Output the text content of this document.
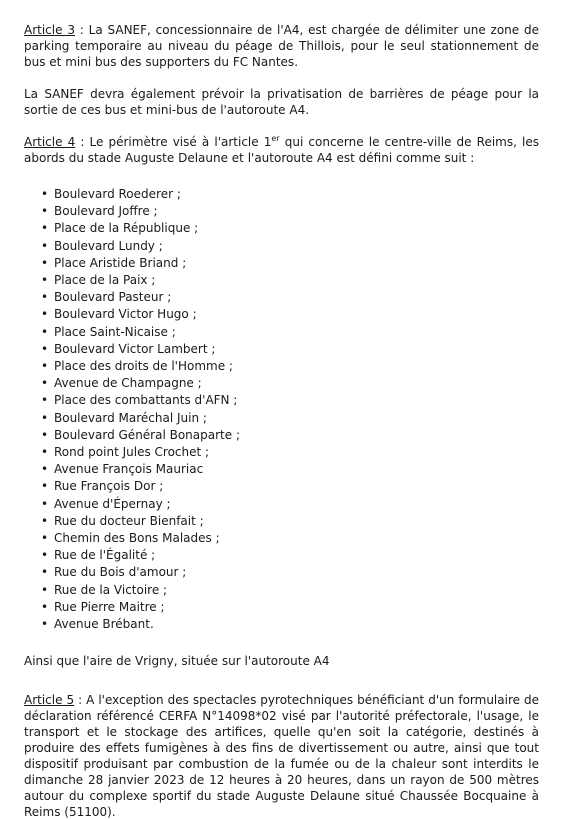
Article 3 : La SANEF, concessionnaire de l'A4, est chargée de délimiter une zone de parking temporaire au niveau du péage de Thillois, pour le seul stationnement de bus et mini bus des supporters du FC Nantes.

La SANEF devra également prévoir la privatisation de barrières de péage pour la sortie de ces bus et mini-bus de l'autoroute A4.

Article 4 : Le périmètre visé à l'article 1er qui concerne le centre-ville de Reims, les abords du stade Auguste Delaune et l'autoroute A4 est défini comme suit :

• Boulevard Roederer ;
• Boulevard Joffre ;
• Place de la République ;
• Boulevard Lundy ;
• Place Aristide Briand ;
• Place de la Paix ;
• Boulevard Pasteur ;
• Boulevard Victor Hugo ;
• Place Saint-Nicaise ;
• Boulevard Victor Lambert ;
• Place des droits de l'Homme ;
• Avenue de Champagne ;
• Place des combattants d'AFN ;
• Boulevard Maréchal Juin ;
• Boulevard Général Bonaparte ;
• Rond point Jules Crochet ;
• Avenue François Mauriac
• Rue François Dor ;
• Avenue d'Épernay ;
• Rue du docteur Bienfait ;
• Chemin des Bons Malades ;
• Rue de l'Égalité ;
• Rue du Bois d'amour ;
• Rue de la Victoire ;
• Rue Pierre Maitre ;
• Avenue Brébant.

Ainsi que l'aire de Vrigny, située sur l'autoroute A4

Article 5 : A l'exception des spectacles pyrotechniques bénéficiant d'un formulaire de déclaration référencé CERFA N°14098*02 visé par l'autorité préfectorale, l'usage, le transport et le stockage des artifices, quelle qu'en soit la catégorie, destinés à produire des effets fumigènes à des fins de divertissement ou autre, ainsi que tout dispositif produisant par combustion de la fumée ou de la chaleur sont interdits le dimanche 28 janvier 2023 de 12 heures à 20 heures, dans un rayon de 500 mètres autour du complexe sportif du stade Auguste Delaune situé Chaussée Bocquaine à Reims (51100).
